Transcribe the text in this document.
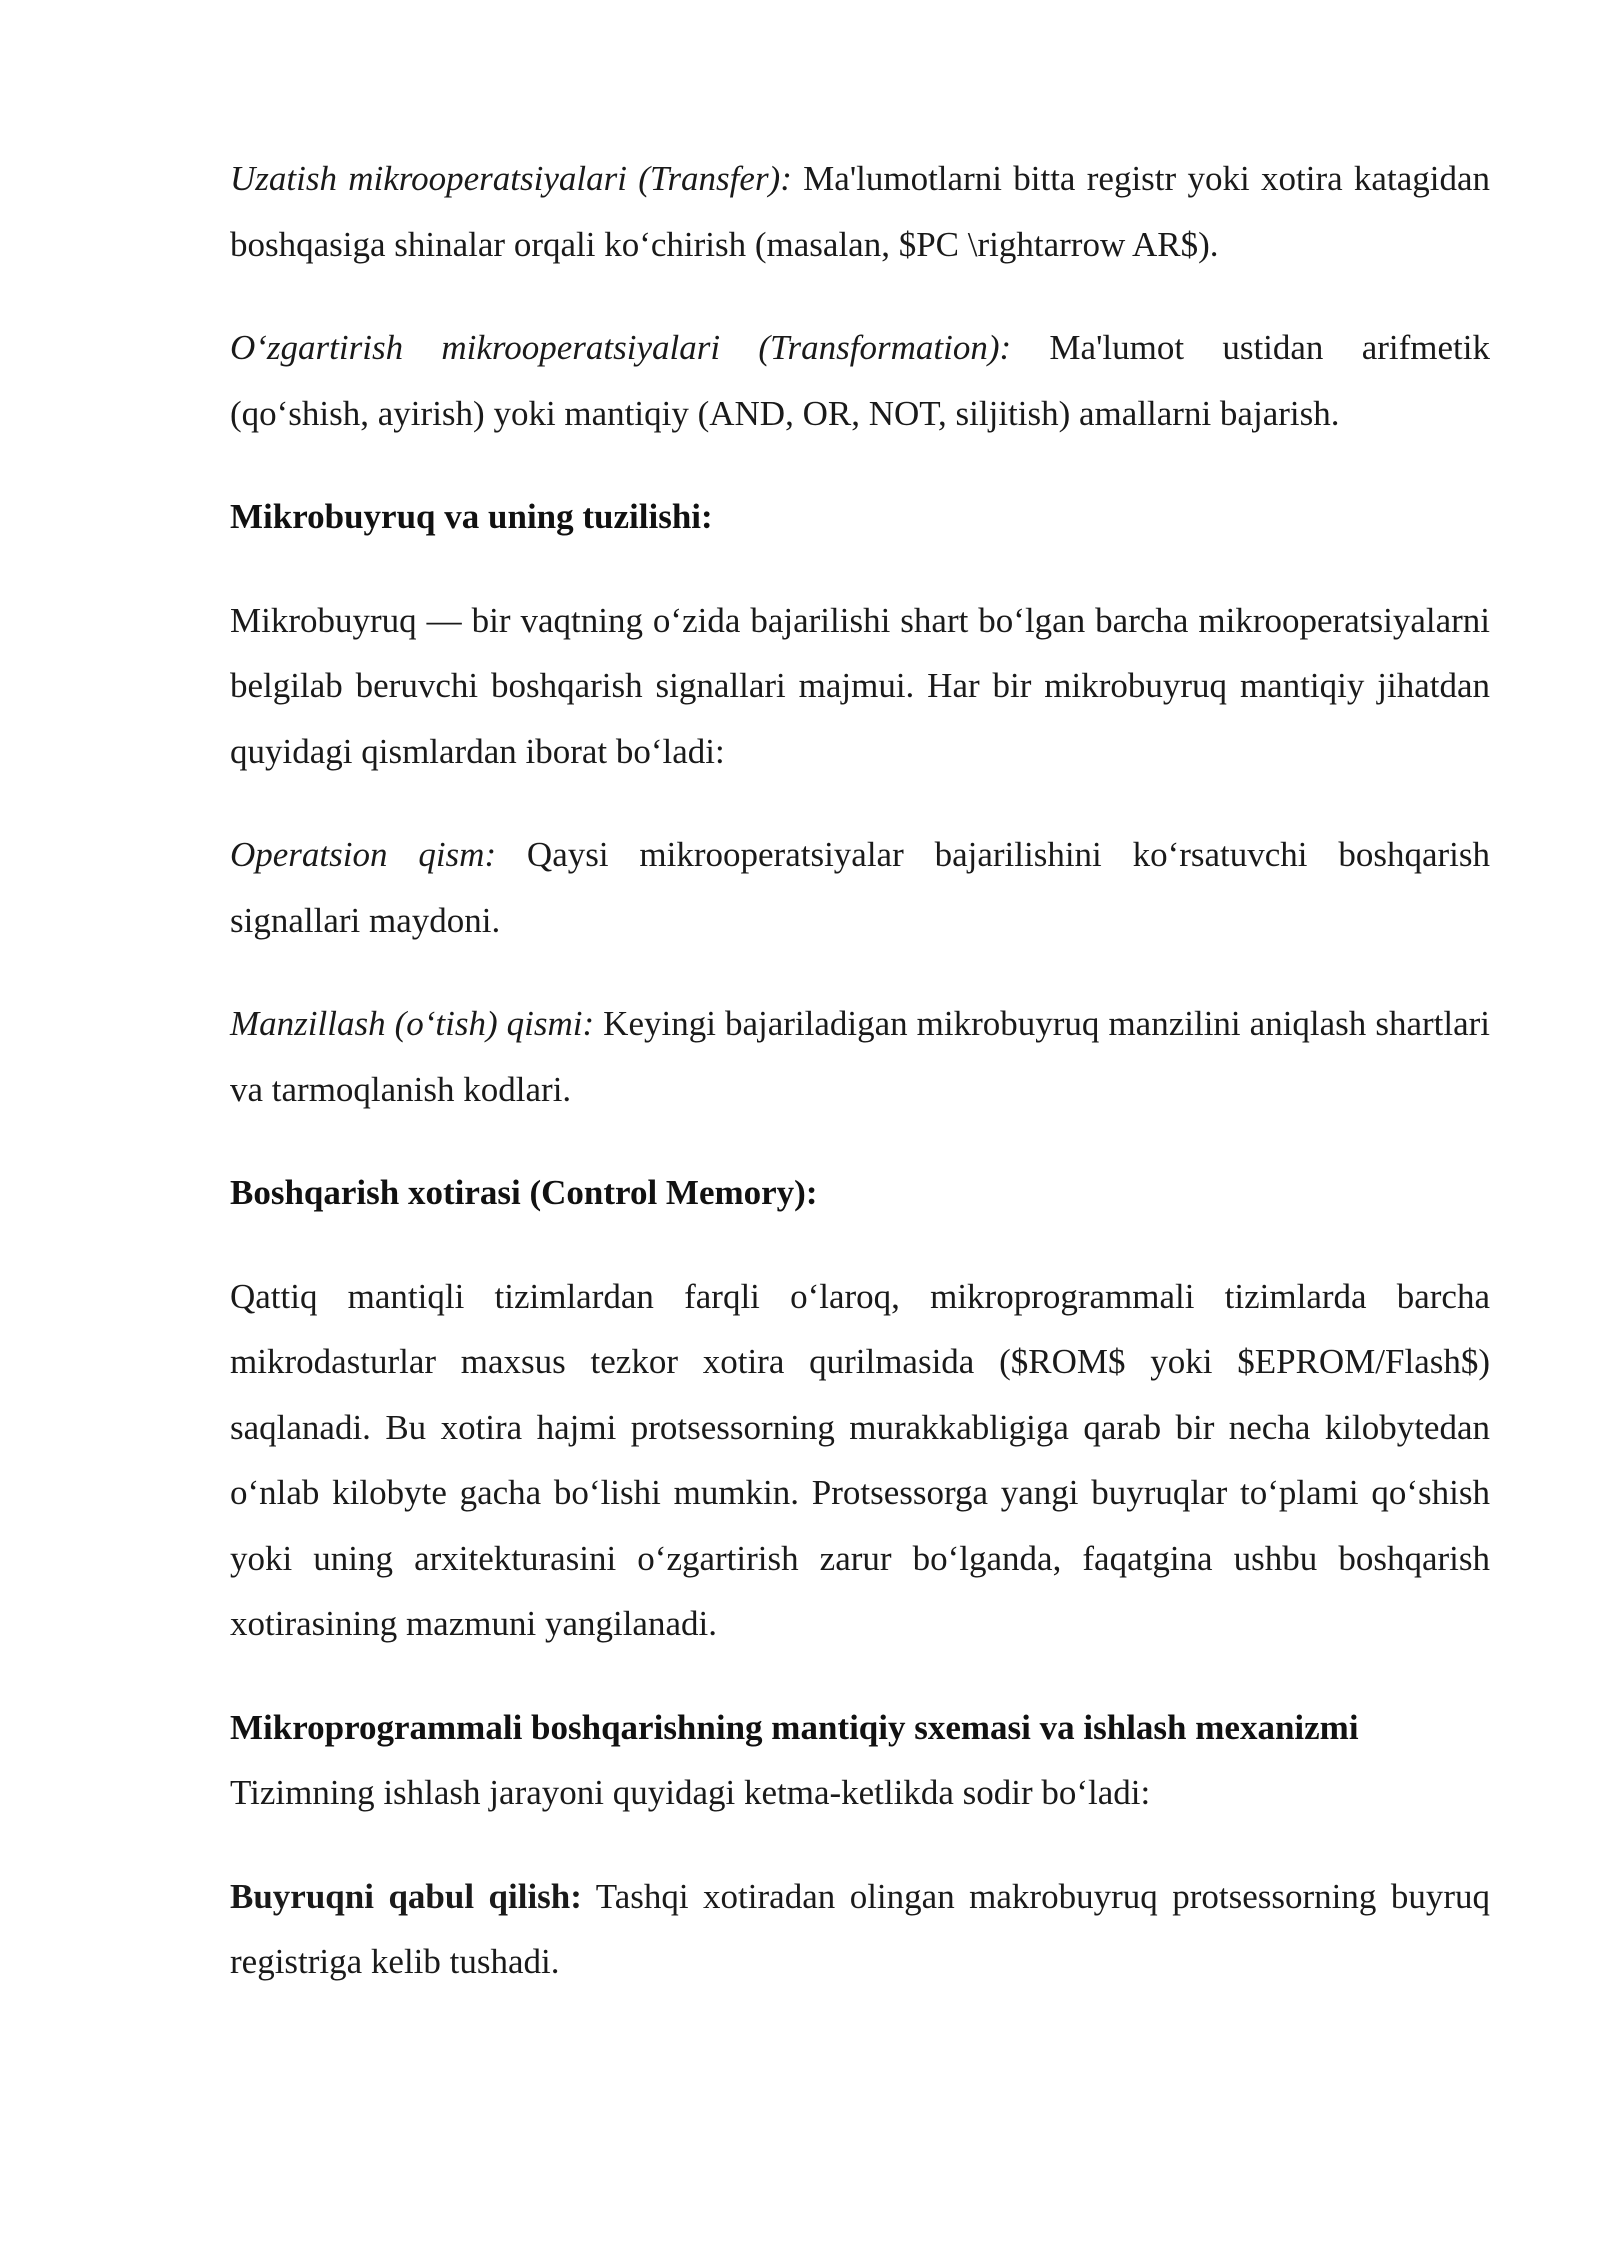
Uzatish mikrooperatsiyalari (Transfer): Ma'lumotlarni bitta registr yoki xotira katagidan boshqasiga shinalar orqali ko‘chirish (masalan, $PC \rightarrow AR$).

O‘zgartirish mikrooperatsiyalari (Transformation): Ma'lumot ustidan arifmetik (qo‘shish, ayirish) yoki mantiqiy (AND, OR, NOT, siljitish) amallarni bajarish.

Mikrobuyruq va uning tuzilishi:

Mikrobuyruq — bir vaqtning o‘zida bajarilishi shart bo‘lgan barcha mikrooperatsiyalarni belgilab beruvchi boshqarish signallari majmui. Har bir mikrobuyruq mantiqiy jihatdan quyidagi qismlardan iborat bo‘ladi:

Operatsion qism: Qaysi mikrooperatsiyalar bajarilishini ko‘rsatuvchi boshqarish signallari maydoni.

Manzillash (o‘tish) qismi: Keyingi bajariladigan mikrobuyruq manzilini aniqlash shartlari va tarmoqlanish kodlari.

Boshqarish xotirasi (Control Memory):

Qattiq mantiqli tizimlardan farqli o‘laroq, mikroprogrammali tizimlarda barcha mikrodasturlar maxsus tezkor xotira qurilmasida ($ROM$ yoki $EPROM/Flash$) saqlanadi. Bu xotira hajmi protsessorning murakkabligiga qarab bir necha kilobytedan o‘nlab kilobyte gacha bo‘lishi mumkin. Protsessorga yangi buyruqlar to‘plami qo‘shish yoki uning arxitekturasini o‘zgartirish zarur bo‘lganda, faqatgina ushbu boshqarish xotirasining mazmuni yangilanadi.

Mikroprogrammali boshqarishning mantiqiy sxemasi va ishlash mexanizmi

Tizimning ishlash jarayoni quyidagi ketma-ketlikda sodir bo‘ladi:

Buyruqni qabul qilish: Tashqi xotiradan olingan makrobuyruq protsessorning buyruq registriga kelib tushadi.
